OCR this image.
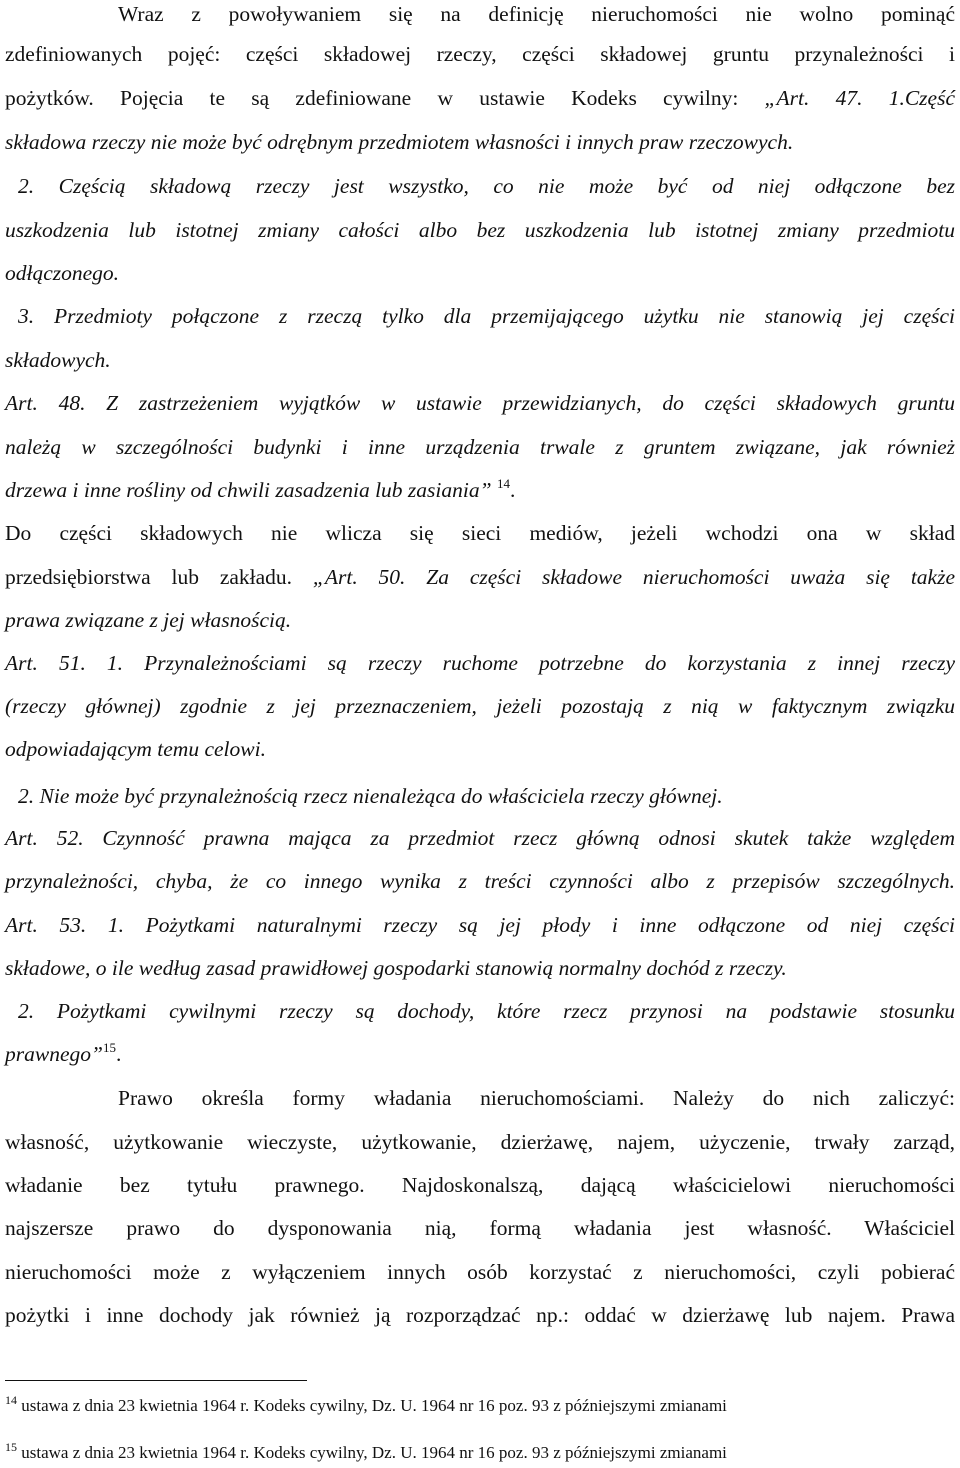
Wraz z powoływaniem się na definicję nieruchomości nie wolno pominąć
zdefiniowanych pojęć: części składowej rzeczy, części składowej gruntu przynależności i
pożytków. Pojęcia te są zdefiniowane w ustawie Kodeks cywilny: „Art. 47. 1.Część
składowa rzeczy nie może być odrębnym przedmiotem własności i innych praw rzeczowych.
2. Częścią składową rzeczy jest wszystko, co nie może być od niej odłączone bez
uszkodzenia lub istotnej zmiany całości albo bez uszkodzenia lub istotnej zmiany przedmiotu
odłączonego.
3. Przedmioty połączone z rzeczą tylko dla przemijającego użytku nie stanowią jej części
składowych.
Art. 48. Z zastrzeżeniem wyjątków w ustawie przewidzianych, do części składowych gruntu
należą w szczególności budynki i inne urządzenia trwale z gruntem związane, jak również
drzewa i inne rośliny od chwili zasadzenia lub zasiania” $^{14}$.
Do części składowych nie wlicza się sieci mediów, jeżeli wchodzi ona w skład
przedsiębiorstwa lub zakładu. „Art. 50. Za części składowe nieruchomości uważa się także
prawa związane z jej własnością.
Art. 51. 1. Przynależnościami są rzeczy ruchome potrzebne do korzystania z innej rzeczy
(rzeczy głównej) zgodnie z jej przeznaczeniem, jeżeli pozostają z nią w faktycznym związku
odpowiadającym temu celowi.
2. Nie może być przynależnością rzecz nienależąca do właściciela rzeczy głównej.
Art. 52. Czynność prawna mająca za przedmiot rzecz główną odnosi skutek także względem
przynależności, chyba, że co innego wynika z treści czynności albo z przepisów szczególnych.
Art. 53. 1. Pożytkami naturalnymi rzeczy są jej płody i inne odłączone od niej części
składowe, o ile według zasad prawidłowej gospodarki stanowią normalny dochód z rzeczy.
2. Pożytkami cywilnymi rzeczy są dochody, które rzecz przynosi na podstawie stosunku
prawnego”$^{15}$.
Prawo określa formy władania nieruchomościami. Należy do nich zaliczyć:
własność, użytkowanie wieczyste, użytkowanie, dzierżawę, najem, użyczenie, trwały zarząd,
władanie bez tytułu prawnego. Najdoskonalszą, dającą właścicielowi nieruchomości
najszersze prawo do dysponowania nią, formą władania jest własność. Właściciel
nieruchomości może z wyłączeniem innych osób korzystać z nieruchomości, czyli pobierać
pożytki i inne dochody jak również ją rozporządzać np.: oddać w dzierżawę lub najem. Prawa
$^{14}$ ustawa z dnia 23 kwietnia 1964 r. Kodeks cywilny, Dz. U. 1964 nr 16 poz. 93 z późniejszymi zmianami
$^{15}$ ustawa z dnia 23 kwietnia 1964 r. Kodeks cywilny, Dz. U. 1964 nr 16 poz. 93 z późniejszymi zmianami
